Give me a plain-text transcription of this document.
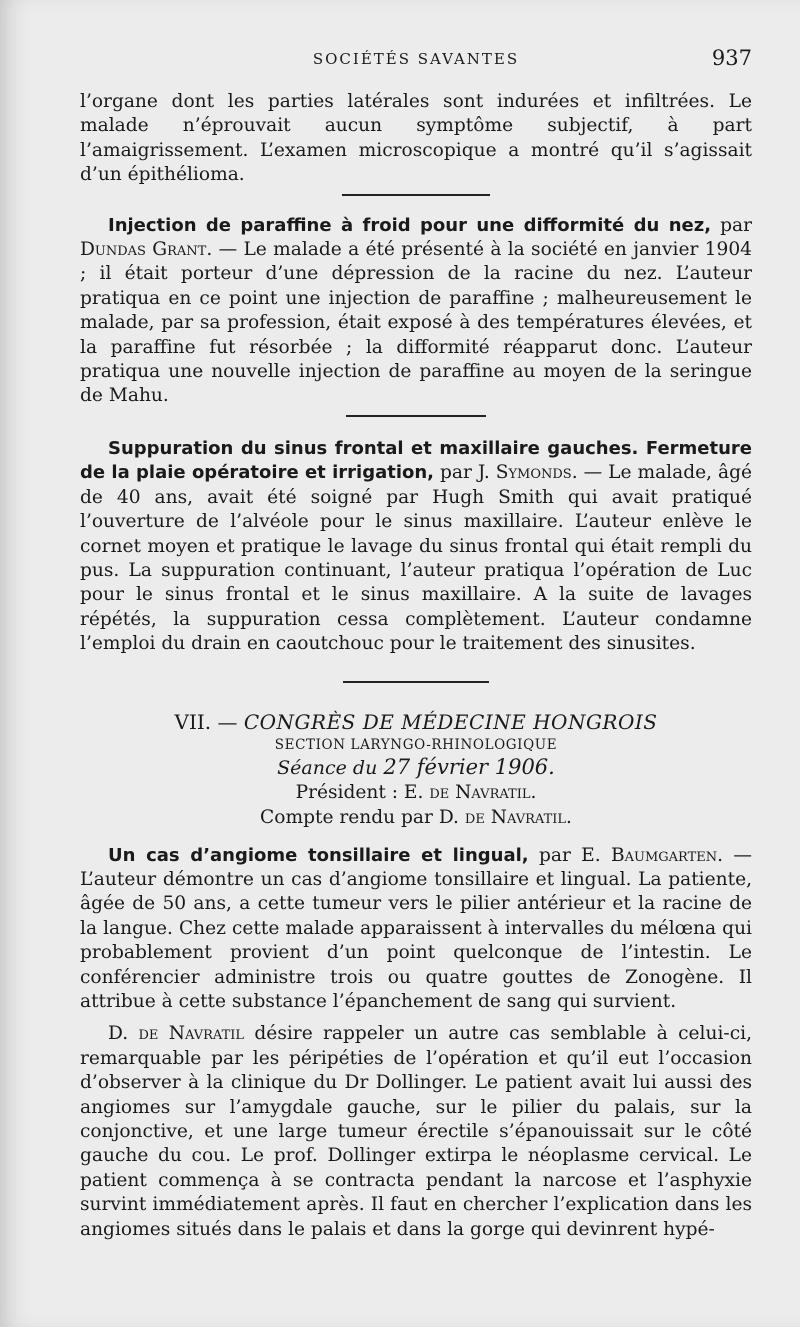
SOCIÉTÉS SAVANTES	937

l’organe dont les parties latérales sont indurées et infiltrées. Le malade n’éprouvait aucun symptôme subjectif, à part l’amaigrissement. L’examen microscopique a montré qu’il s’agissait d’un épithélioma.

Injection de paraffine à froid pour une difformité du nez, par Dundas Grant. — Le malade a été présenté à la société en janvier 1904 ; il était porteur d’une dépression de la racine du nez. L’auteur pratiqua en ce point une injection de paraffine ; malheureusement le malade, par sa profession, était exposé à des températures élevées, et la paraffine fut résorbée ; la difformité réapparut donc. L’auteur pratiqua une nouvelle injection de paraffine au moyen de la seringue de Mahu.

Suppuration du sinus frontal et maxillaire gauches. Fermeture de la plaie opératoire et irrigation, par J. Symonds. — Le malade, âgé de 40 ans, avait été soigné par Hugh Smith qui avait pratiqué l’ouverture de l’alvéole pour le sinus maxillaire. L’auteur enlève le cornet moyen et pratique le lavage du sinus frontal qui était rempli du pus. La suppuration continuant, l’auteur pratiqua l’opération de Luc pour le sinus frontal et le sinus maxillaire. A la suite de lavages répétés, la suppuration cessa complètement. L’auteur condamne l’emploi du drain en caoutchouc pour le traitement des sinusites.

VII. — CONGRÈS DE MÉDECINE HONGROIS
SECTION LARYNGO-RHINOLOGIQUE
Séance du 27 février 1906.
Président : E. de Navratil.
Compte rendu par D. de Navratil.

Un cas d’angiome tonsillaire et lingual, par E. Baumgarten. — L’auteur démontre un cas d’angiome tonsillaire et lingual. La patiente, âgée de 50 ans, a cette tumeur vers le pilier antérieur et la racine de la langue. Chez cette malade apparaissent à intervalles du mélœna qui probablement provient d’un point quelconque de l’intestin. Le conférencier administre trois ou quatre gouttes de Zonogène. Il attribue à cette substance l’épanchement de sang qui survient.

D. de Navratil désire rappeler un autre cas semblable à celui-ci, remarquable par les péripéties de l’opération et qu’il eut l’occasion d’observer à la clinique du Dr Dollinger. Le patient avait lui aussi des angiomes sur l’amygdale gauche, sur le pilier du palais, sur la conjonctive, et une large tumeur érectile s’épanouissait sur le côté gauche du cou. Le prof. Dollinger extirpa le néoplasme cervical. Le patient commença à se contracta pendant la narcose et l’asphyxie survint immédiatement après. Il faut en chercher l’explication dans les angiomes situés dans le palais et dans la gorge qui devinrent hypé-
